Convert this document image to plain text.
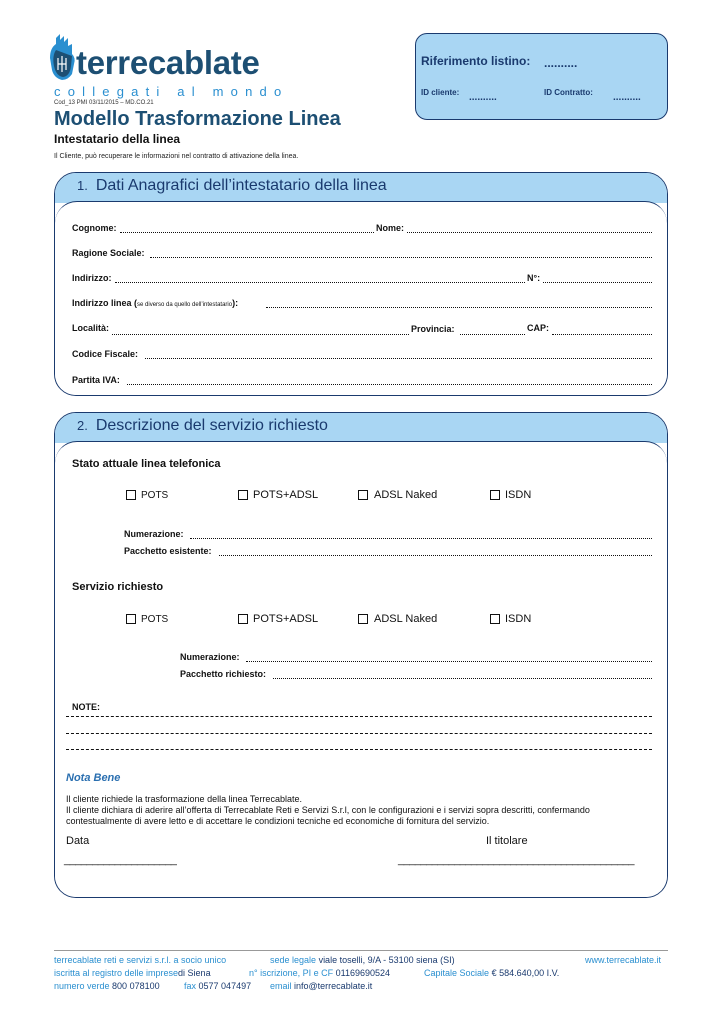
terrecablate
collegati al mondo
Cod_13 PMI 03/11/2015 – MD.CO.21
Modello Trasformazione Linea
Intestatario della linea
Il Cliente, può recuperare le informazioni nel contratto di attivazione della linea.
Riferimento listino: ..........
ID cliente: ..........	ID Contratto: ..........
1. Dati Anagrafici dell’intestatario della linea
Cognome:	Nome:
Ragione Sociale:
Indirizzo:	N°:
Indirizzo linea (se diverso da quello dell’intestatario):
Località:	Provincia:	CAP:
Codice Fiscale:
Partita IVA:
2. Descrizione del servizio richiesto
Stato attuale linea telefonica
POTS	POTS+ADSL	ADSL Naked	ISDN
Numerazione:
Pacchetto esistente:
Servizio richiesto
POTS	POTS+ADSL	ADSL Naked	ISDN
Numerazione:
Pacchetto richiesto:
NOTE:
Nota Bene
Il cliente richiede la trasformazione della linea Terrecablate.
Il cliente dichiara di aderire all’offerta di Terrecablate Reti e Servizi S.r.l, con le configurazioni e i servizi sopra descritti, confermando
contestualmente di avere letto e di accettare le condizioni tecniche ed economiche di fornitura del servizio.
Data	Il titolare
____________________	__________________________________________
terrecablate reti e servizi s.r.l. a socio unico	sede legale viale toselli, 9/A - 53100 siena (SI)	www.terrecablate.it
iscritta al registro delle impresedi Siena	n° iscrizione, PI e CF 01169690524	Capitale Sociale € 584.640,00 I.V.
numero verde 800 078100	fax 0577 047497 email info@terrecablate.it
